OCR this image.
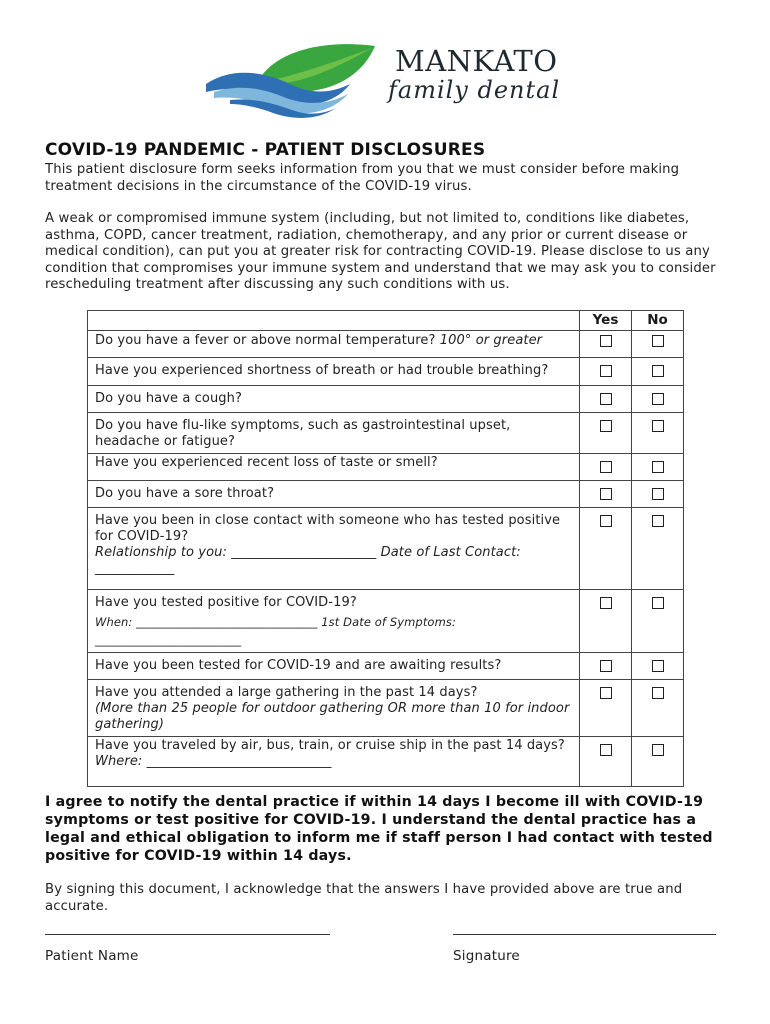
MANKATO
family dental
COVID-19 PANDEMIC - PATIENT DISCLOSURES

This patient disclosure form seeks information from you that we must consider before making treatment decisions in the circumstance of the COVID-19 virus.

A weak or compromised immune system (including, but not limited to, conditions like diabetes, asthma, COPD, cancer treatment, radiation, chemotherapy, and any prior or current disease or medical condition), can put you at greater risk for contracting COVID-19. Please disclose to us any condition that compromises your immune system and understand that we may ask you to consider rescheduling treatment after discussing any such conditions with us.

	Yes	No
Do you have a fever or above normal temperature? 100° or greater		
Have you experienced shortness of breath or had trouble breathing?		
Do you have a cough?		
Do you have flu-like symptoms, such as gastrointestinal upset, headache or fatigue?		
Have you experienced recent loss of taste or smell?		
Do you have a sore throat?		

Have you been in close contact with someone who has tested positive for COVID-19?
Relationship to you: ______________________ Date of Last Contact: ____________		

Have you tested positive for COVID-19?
When: _______________________________ 1st Date of Symptoms: _________________________		

Have you been tested for COVID-19 and are awaiting results?		

Have you attended a large gathering in the past 14 days?
(More than 25 people for outdoor gathering OR more than 10 for indoor gathering)		

Have you traveled by air, bus, train, or cruise ship in the past 14 days?
Where: ____________________________		

I agree to notify the dental practice if within 14 days I become ill with COVID-19 symptoms or test positive for COVID-19. I understand the dental practice has a legal and ethical obligation to inform me if staff person I had contact with tested positive for COVID-19 within 14 days.

By signing this document, I acknowledge that the answers I have provided above are true and accurate.

Patient Name	Signature
